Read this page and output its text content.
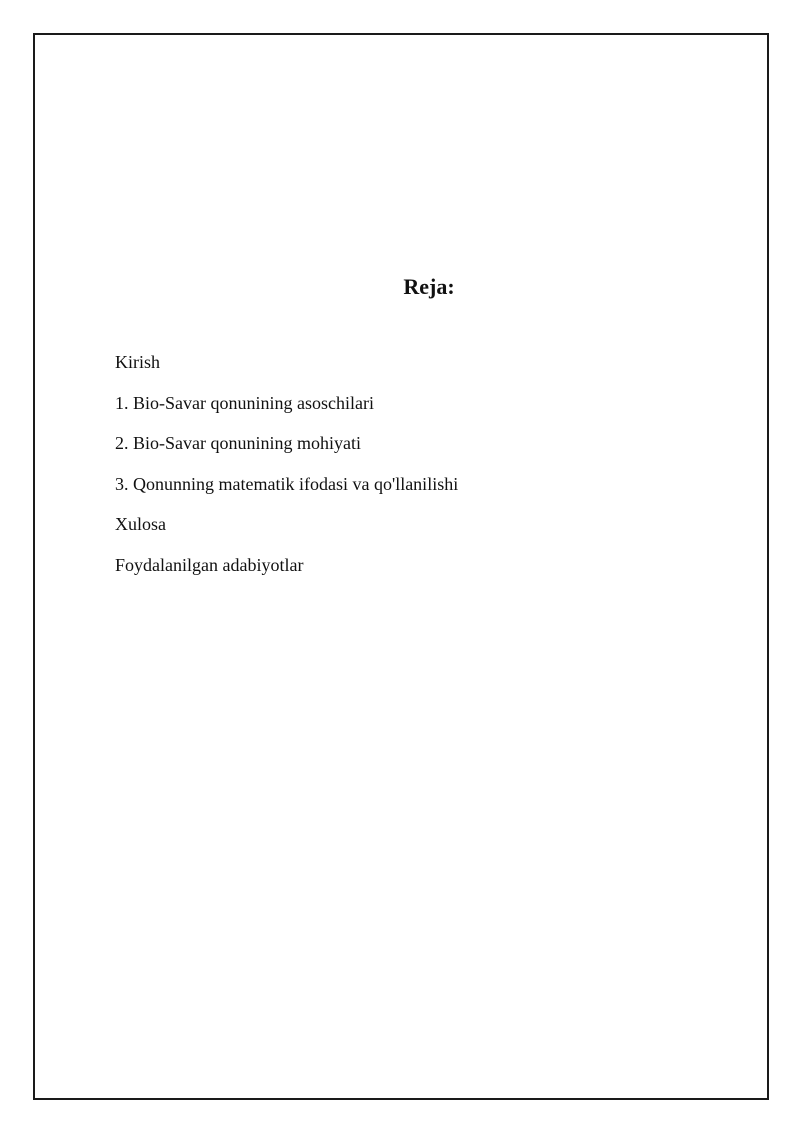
Reja:
Kirish
1. Bio-Savar qonunining asoschilari
2. Bio-Savar qonunining mohiyati
3. Qonunning matematik ifodasi va qo'llanilishi
Xulosa
Foydalanilgan adabiyotlar
